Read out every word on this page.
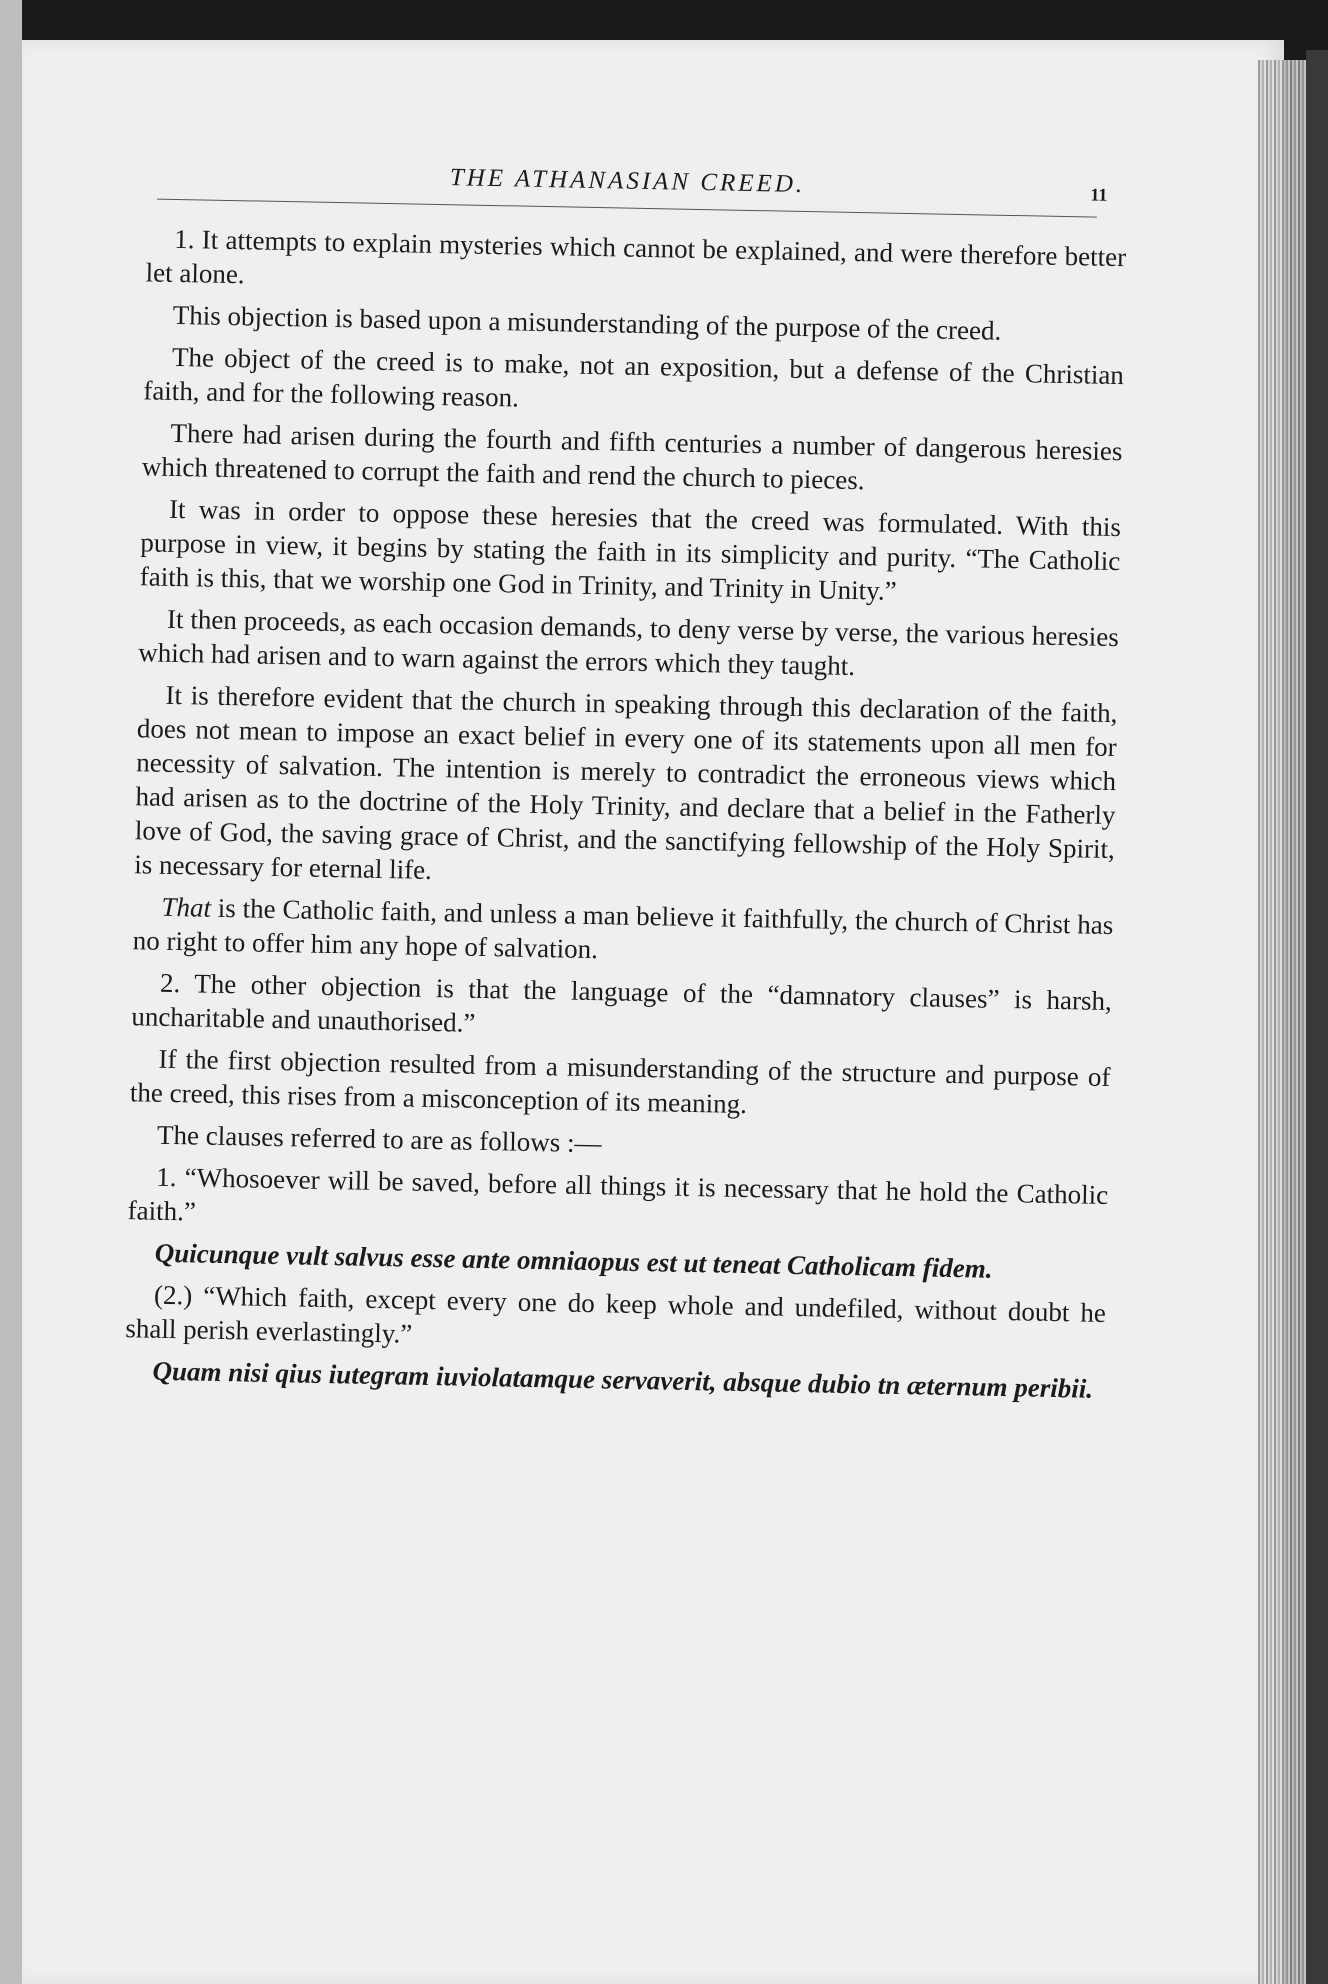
THE ATHANASIAN CREED.	11

1. It attempts to explain mysteries which cannot be explained, and were therefore better let alone.

This objection is based upon a misunderstanding of the purpose of the creed.

The object of the creed is to make, not an exposition, but a defense of the Christian faith, and for the following reason.

There had arisen during the fourth and fifth centuries a number of dangerous heresies which threatened to corrupt the faith and rend the church to pieces.

It was in order to oppose these heresies that the creed was formulated. With this purpose in view, it begins by stating the faith in its simplicity and purity. “The Catholic faith is this, that we worship one God in Trinity, and Trinity in Unity.”

It then proceeds, as each occasion demands, to deny verse by verse, the various heresies which had arisen and to warn against the errors which they taught.

It is therefore evident that the church in speaking through this declaration of the faith, does not mean to impose an exact belief in every one of its statements upon all men for necessity of salvation. The intention is merely to contradict the erroneous views which had arisen as to the doctrine of the Holy Trinity, and declare that a belief in the Fatherly love of God, the saving grace of Christ, and the sanctifying fellowship of the Holy Spirit, is necessary for eternal life.

That is the Catholic faith, and unless a man believe it faithfully, the church of Christ has no right to offer him any hope of salvation.

2. The other objection is that the language of the “damnatory clauses” is harsh, uncharitable and unauthorised.”

If the first objection resulted from a misunderstanding of the structure and purpose of the creed, this rises from a misconception of its meaning.

The clauses referred to are as follows :—

1. “Whosoever will be saved, before all things it is necessary that he hold the Catholic faith.”

Quicunque vult salvus esse ante omniaopus est ut teneat Catholicam fidem.

(2.) “Which faith, except every one do keep whole and undefiled, without doubt he shall perish everlastingly.”

Quam nisi qius iutegram iuviolatamque servaverit, absque dubio tn æternum peribii.
